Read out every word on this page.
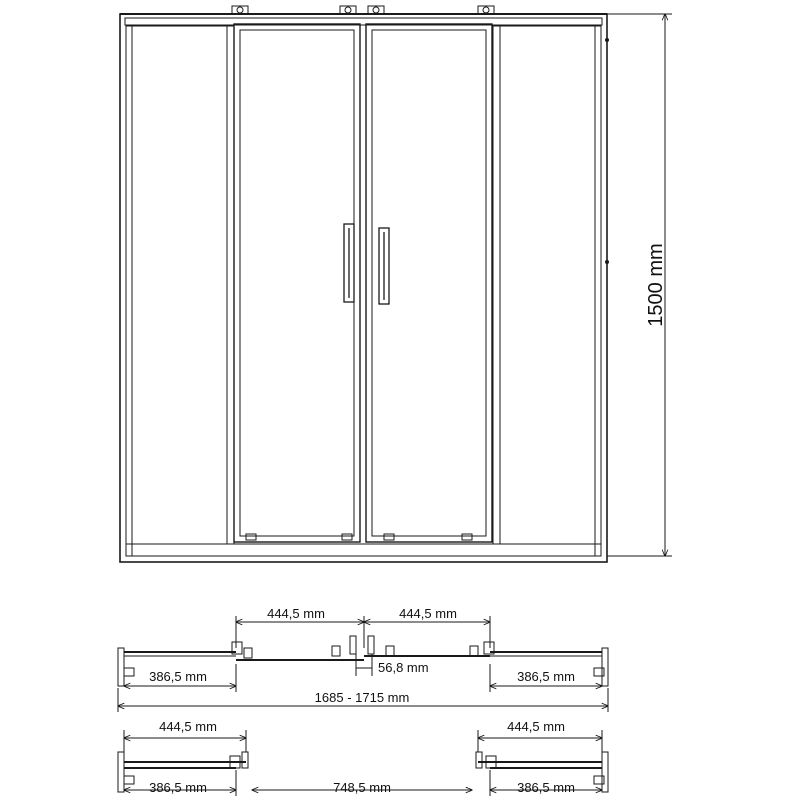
1500 mm
444,5 mm	444,5 mm
56,8 mm
386,5 mm	386,5 mm
1685 - 1715 mm
444,5 mm	444,5 mm
386,5 mm	748,5 mm	386,5 mm
